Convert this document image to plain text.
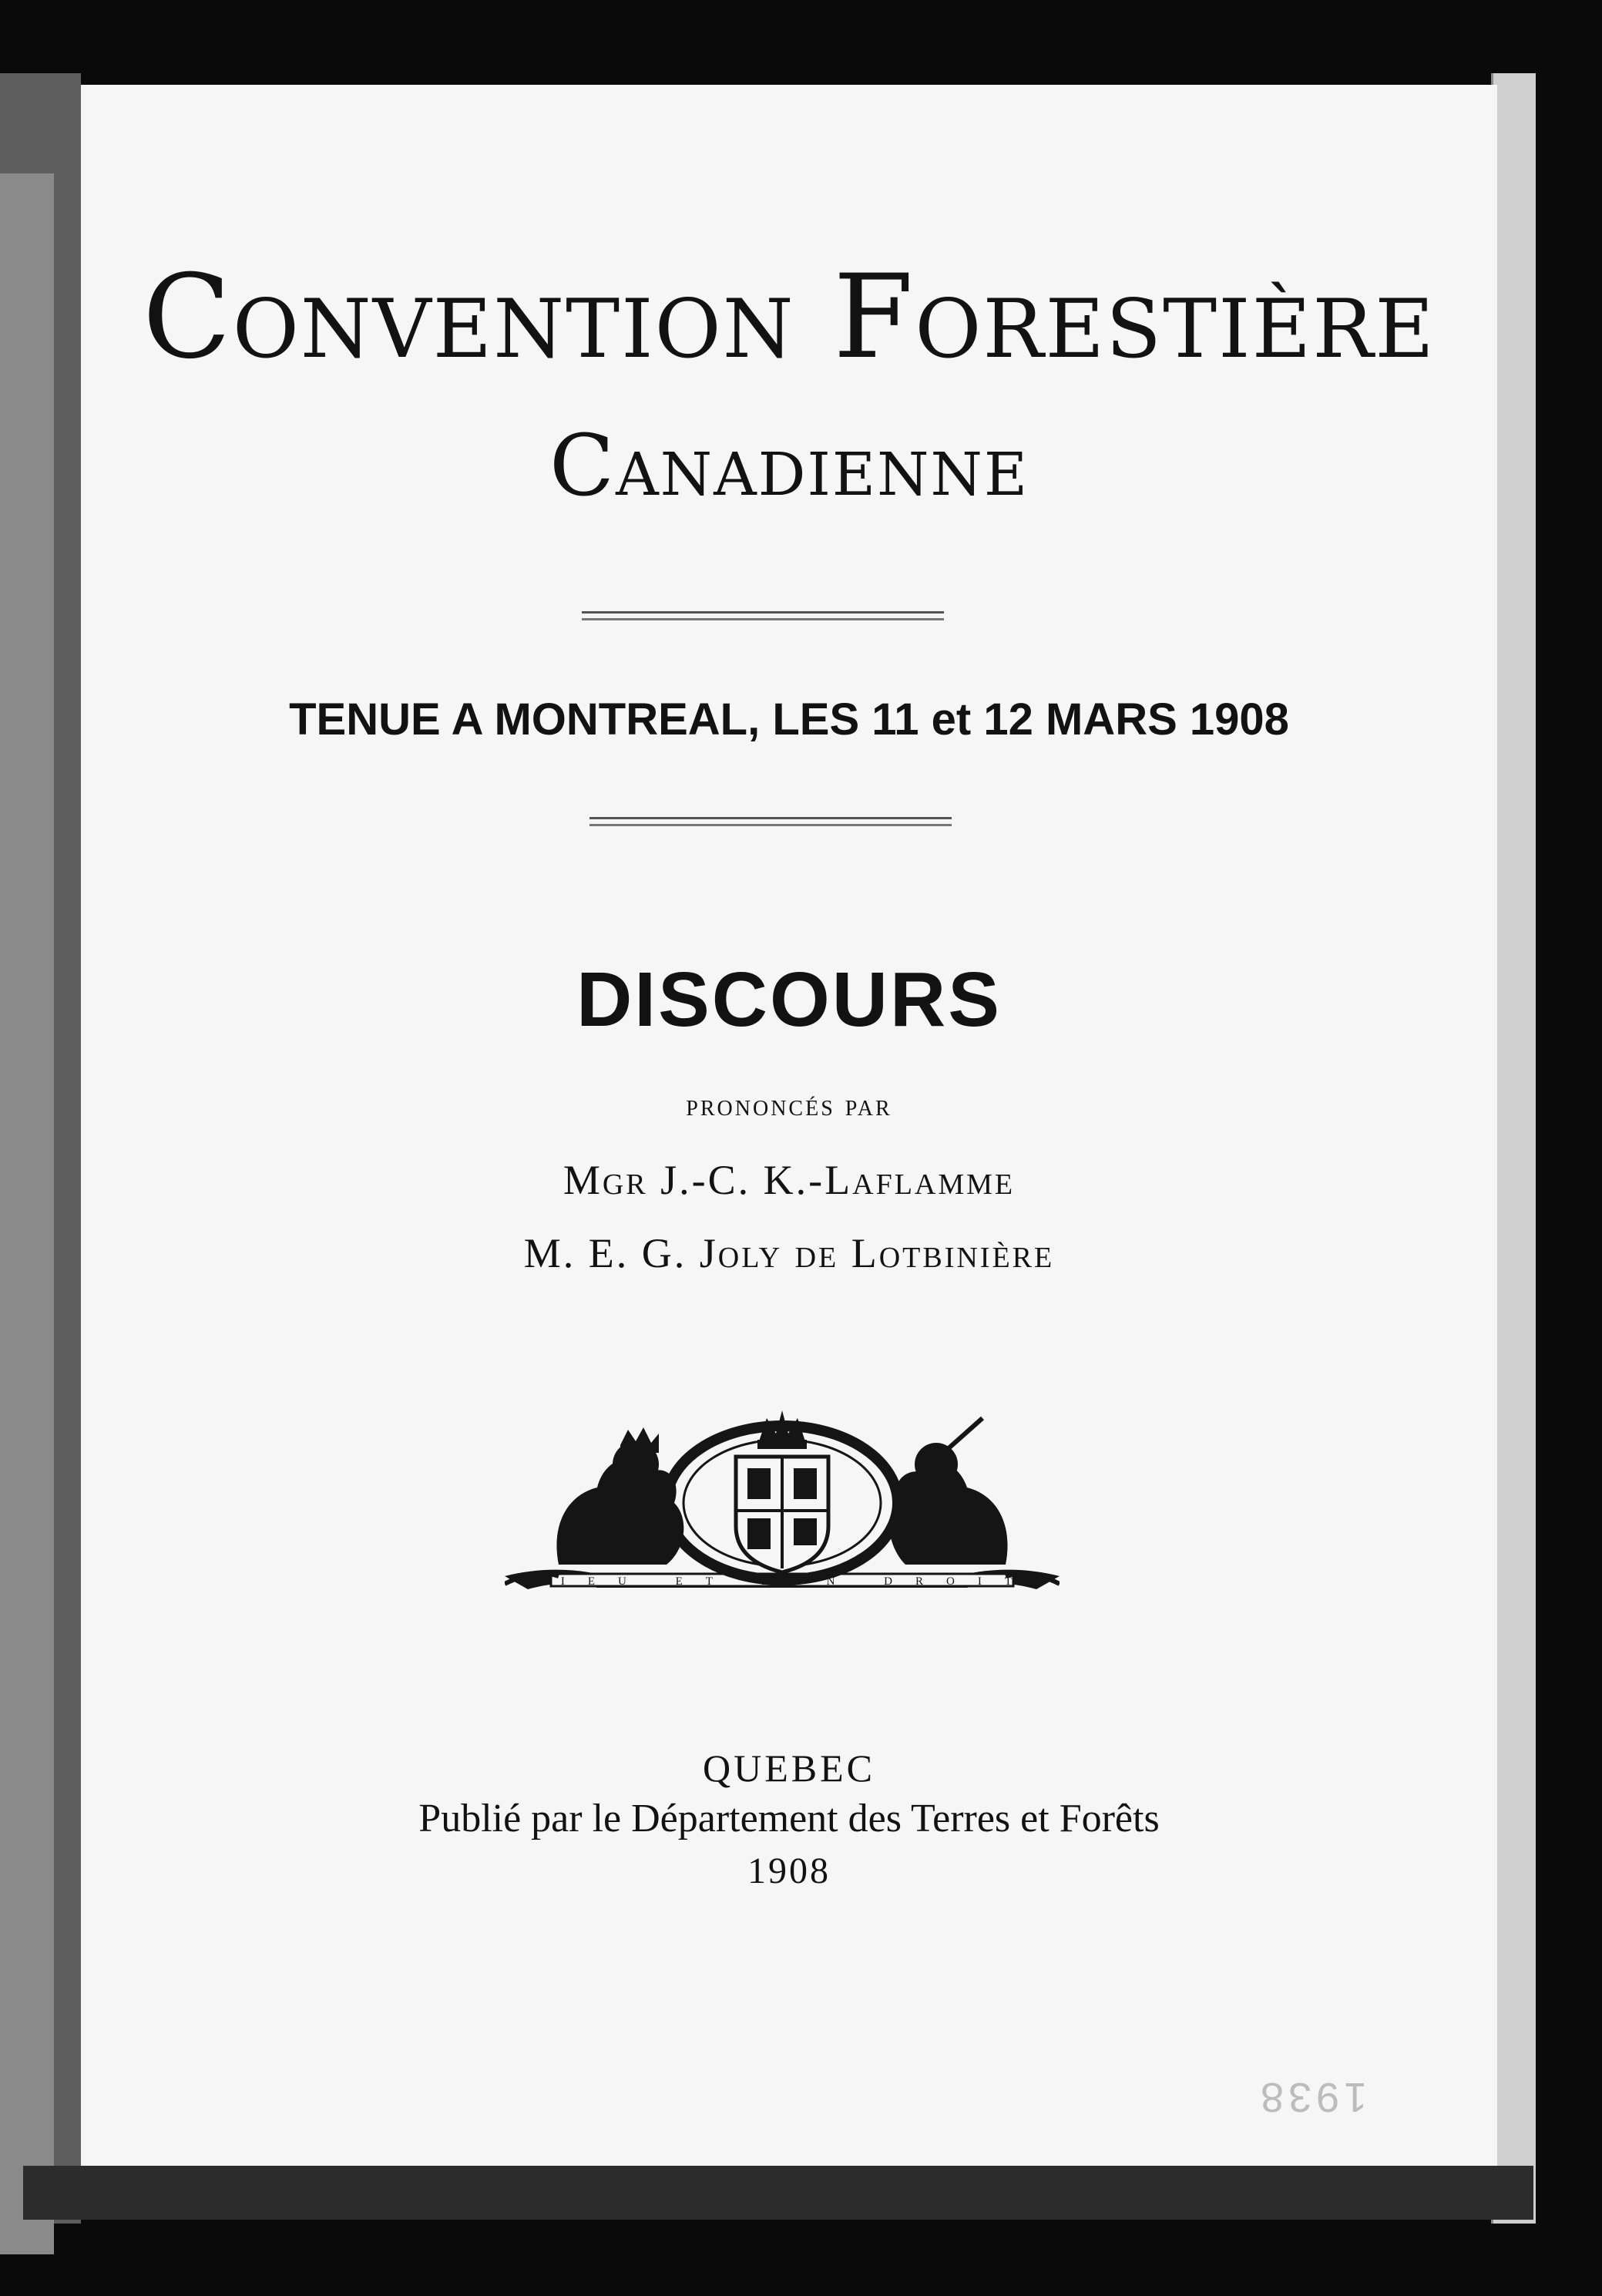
Convention Forestière
Canadienne
TENUE A MONTREAL, LES 11 et 12 MARS 1908
DISCOURS
prononcés par
Mgr J.-C. K.-Laflamme
M. E. G. Joly de Lotbinière
DIEU ET MON DROIT
QUEBEC
Publié par le Département des Terres et Forêts
1908
1938
